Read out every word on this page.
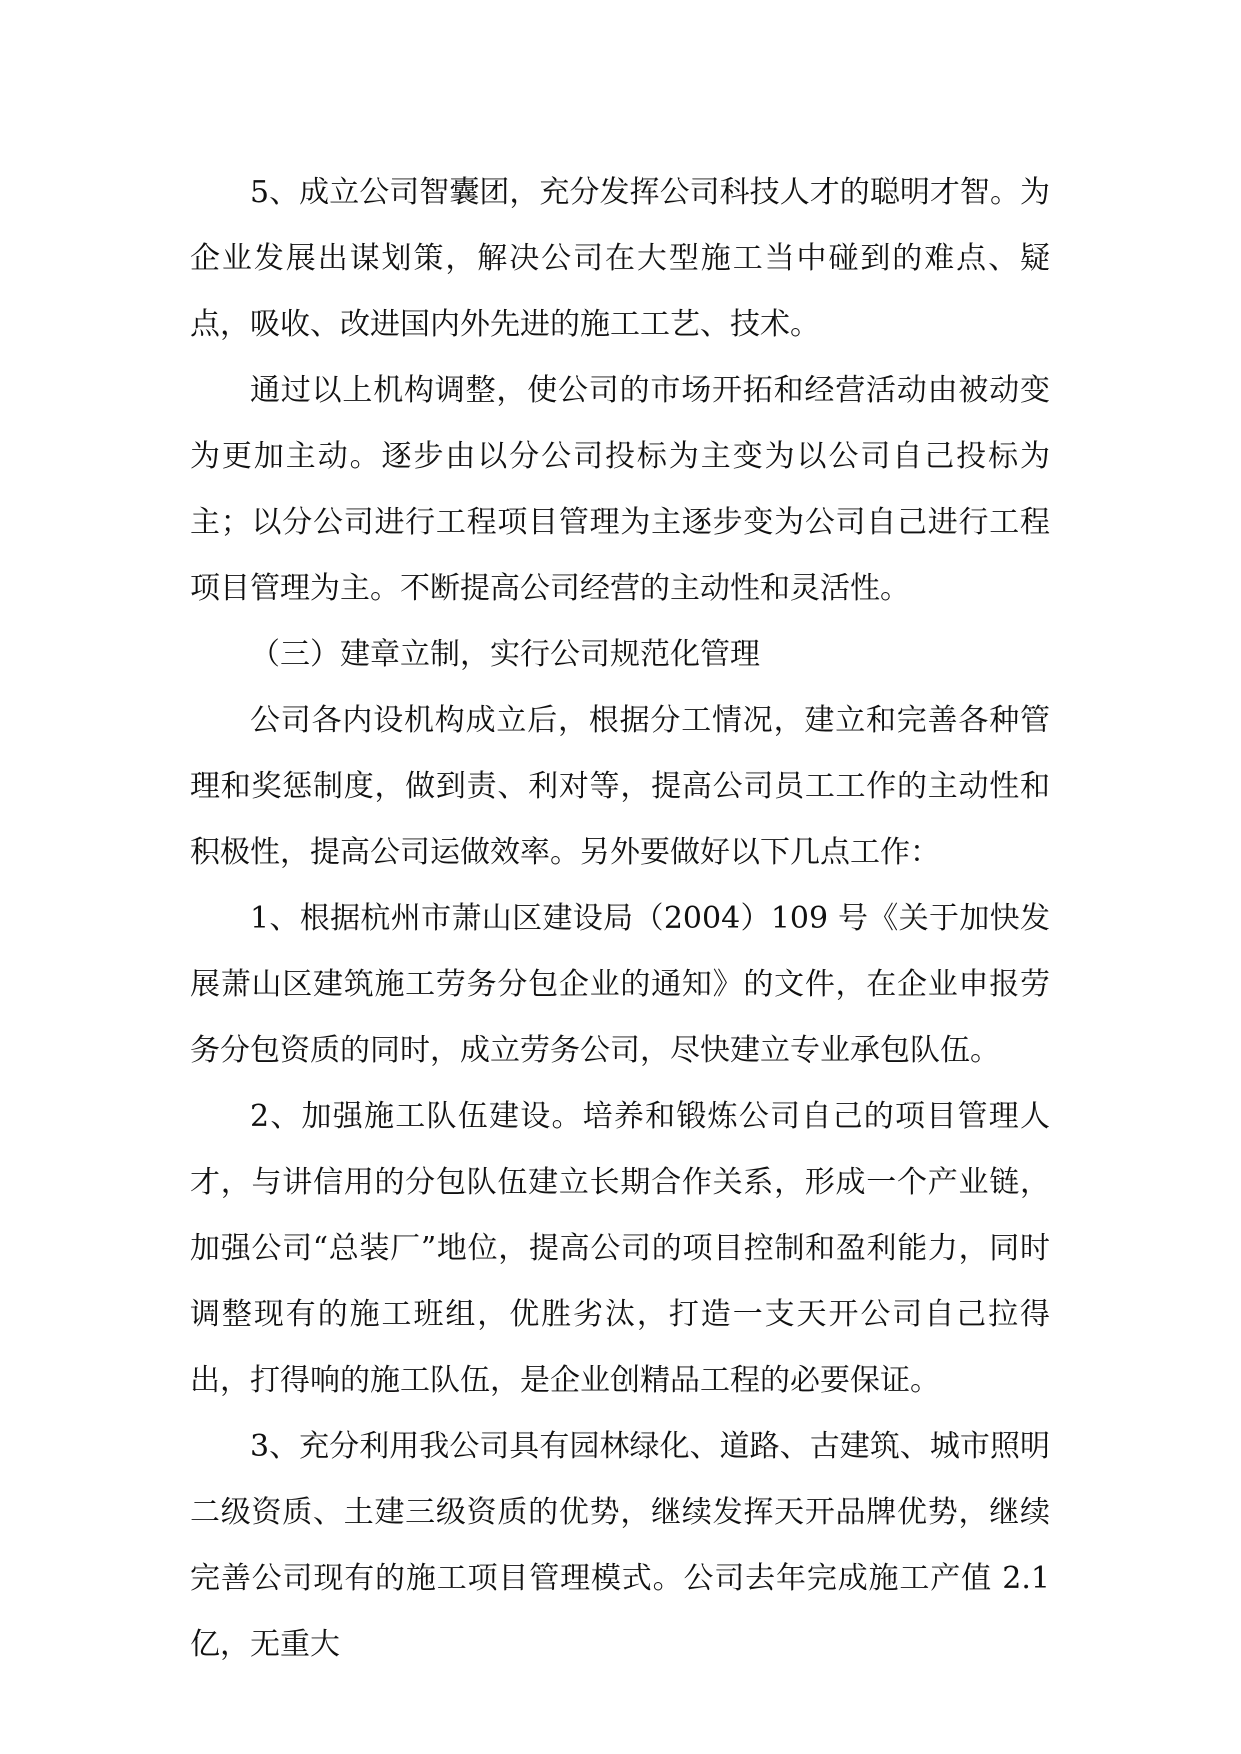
5、成立公司智囊团，充分发挥公司科技人才的聪明才智。为企业发展出谋划策，解决公司在大型施工当中碰到的难点、疑点，吸收、改进国内外先进的施工工艺、技术。

通过以上机构调整，使公司的市场开拓和经营活动由被动变为更加主动。逐步由以分公司投标为主变为以公司自己投标为主；以分公司进行工程项目管理为主逐步变为公司自己进行工程项目管理为主。不断提高公司经营的主动性和灵活性。

（三）建章立制，实行公司规范化管理

公司各内设机构成立后，根据分工情况，建立和完善各种管理和奖惩制度，做到责、利对等，提高公司员工工作的主动性和积极性，提高公司运做效率。另外要做好以下几点工作：

1、根据杭州市萧山区建设局（2004）109 号《关于加快发展萧山区建筑施工劳务分包企业的通知》的文件，在企业申报劳务分包资质的同时，成立劳务公司，尽快建立专业承包队伍。

2、加强施工队伍建设。培养和锻炼公司自己的项目管理人才，与讲信用的分包队伍建立长期合作关系，形成一个产业链，加强公司“总装厂”地位，提高公司的项目控制和盈利能力，同时调整现有的施工班组，优胜劣汰，打造一支天开公司自己拉得出，打得响的施工队伍，是企业创精品工程的必要保证。

3、充分利用我公司具有园林绿化、道路、古建筑、城市照明二级资质、土建三级资质的优势，继续发挥天开品牌优势，继续完善公司现有的施工项目管理模式。公司去年完成施工产值 2.1 亿，无重大
